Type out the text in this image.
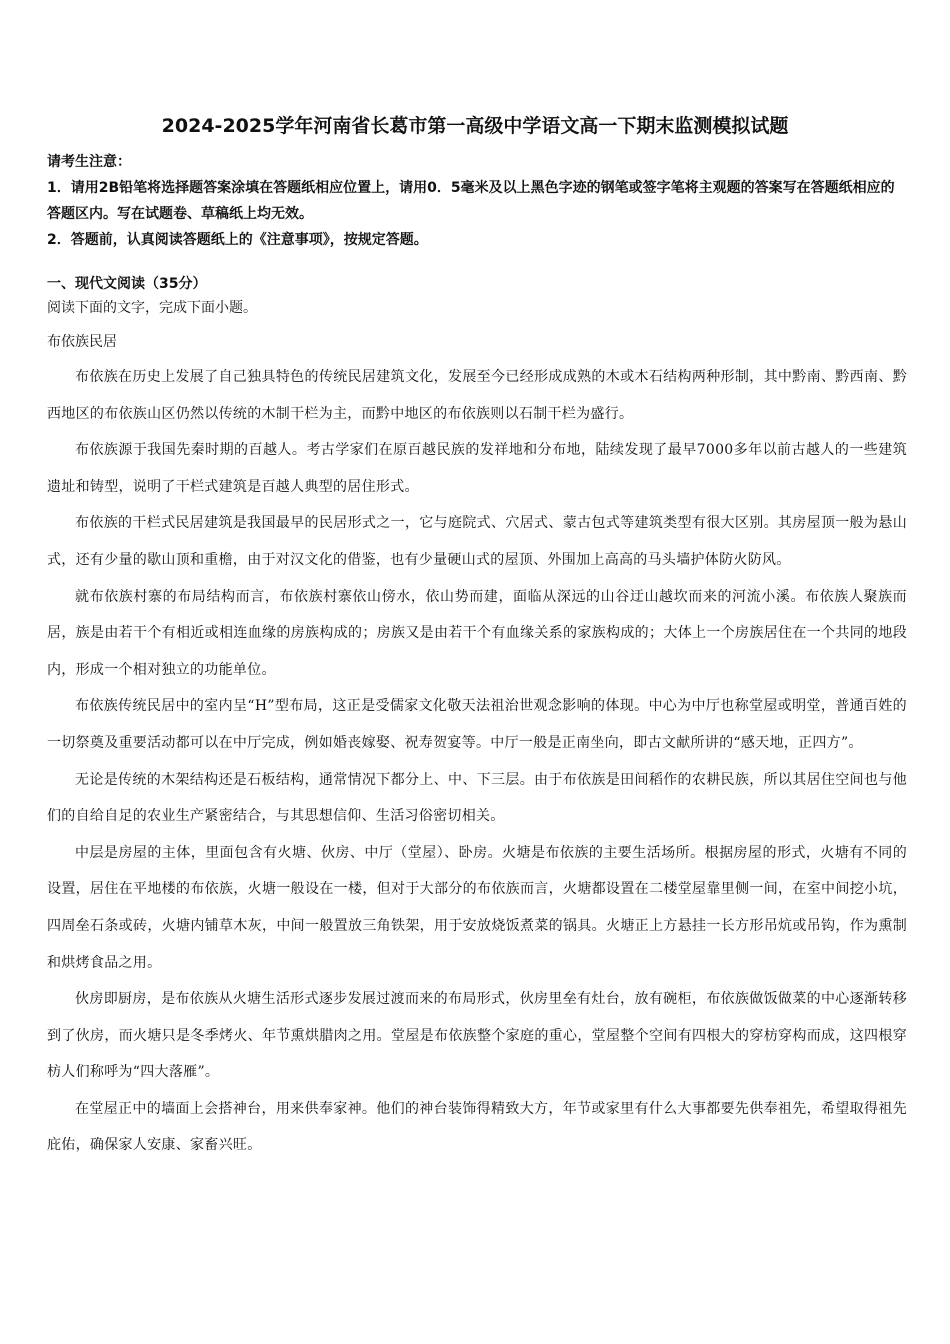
2024-2025学年河南省长葛市第一高级中学语文高一下期末监测模拟试题

请考生注意：

1．请用2B铅笔将选择题答案涂填在答题纸相应位置上，请用0．5毫米及以上黑色字迹的钢笔或签字笔将主观题的答案写在答题纸相应的答题区内。写在试题卷、草稿纸上均无效。

2．答题前，认真阅读答题纸上的《注意事项》，按规定答题。

一、现代文阅读（35分）

阅读下面的文字，完成下面小题。

布依族民居

布依族在历史上发展了自己独具特色的传统民居建筑文化，发展至今已经形成成熟的木或木石结构两种形制，其中黔南、黔西南、黔西地区的布依族山区仍然以传统的木制干栏为主，而黔中地区的布依族则以石制干栏为盛行。

布依族源于我国先秦时期的百越人。考古学家们在原百越民族的发祥地和分布地，陆续发现了最早7000多年以前古越人的一些建筑遗址和铸型，说明了干栏式建筑是百越人典型的居住形式。

布依族的干栏式民居建筑是我国最早的民居形式之一，它与庭院式、穴居式、蒙古包式等建筑类型有很大区别。其房屋顶一般为悬山式，还有少量的歇山顶和重檐，由于对汉文化的借鉴，也有少量硬山式的屋顶、外围加上高高的马头墙护体防火防风。

就布依族村寨的布局结构而言，布依族村寨依山傍水，依山势而建，面临从深远的山谷迂山越坎而来的河流小溪。布依族人聚族而居，族是由若干个有相近或相连血缘的房族构成的；房族又是由若干个有血缘关系的家族构成的；大体上一个房族居住在一个共同的地段内，形成一个相对独立的功能单位。

布依族传统民居中的室内呈“H”型布局，这正是受儒家文化敬天法祖治世观念影响的体现。中心为中厅也称堂屋或明堂，普通百姓的一切祭奠及重要活动都可以在中厅完成，例如婚丧嫁娶、祝寿贺宴等。中厅一般是正南坐向，即古文献所讲的“感天地，正四方”。

无论是传统的木架结构还是石板结构，通常情况下都分上、中、下三层。由于布依族是田间稻作的农耕民族，所以其居住空间也与他们的自给自足的农业生产紧密结合，与其思想信仰、生活习俗密切相关。

中层是房屋的主体，里面包含有火塘、伙房、中厅（堂屋）、卧房。火塘是布依族的主要生活场所。根据房屋的形式，火塘有不同的设置，居住在平地楼的布依族，火塘一般设在一楼，但对于大部分的布依族而言，火塘都设置在二楼堂屋靠里侧一间，在室中间挖小坑，四周垒石条或砖，火塘内铺草木灰，中间一般置放三角铁架，用于安放烧饭煮菜的锅具。火塘正上方悬挂一长方形吊炕或吊钩，作为熏制和烘烤食品之用。

伙房即厨房，是布依族从火塘生活形式逐步发展过渡而来的布局形式，伙房里垒有灶台，放有碗柜，布依族做饭做菜的中心逐渐转移到了伙房，而火塘只是冬季烤火、年节熏烘腊肉之用。堂屋是布依族整个家庭的重心，堂屋整个空间有四根大的穿枋穿构而成，这四根穿枋人们称呼为“四大落雁”。

在堂屋正中的墙面上会搭神台，用来供奉家神。他们的神台装饰得精致大方，年节或家里有什么大事都要先供奉祖先，希望取得祖先庇佑，确保家人安康、家畜兴旺。
